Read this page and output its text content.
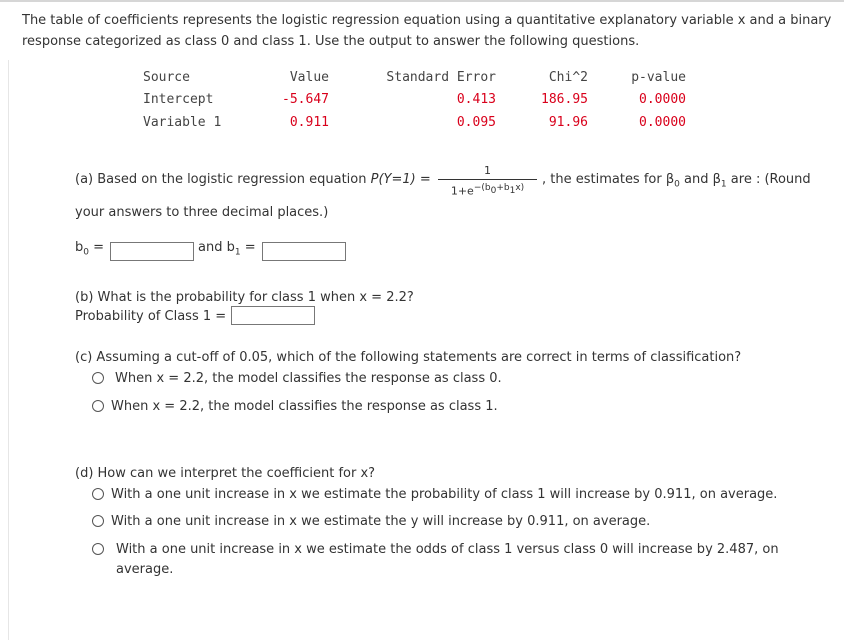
The table of coefficients represents the logistic regression equation using a quantitative explanatory variable x and a binary response categorized as class 0 and class 1. Use the output to answer the following questions.
Source	Value	Standard Error	Chi^2	p-value
Intercept	-5.647	0.413	186.95	0.0000
Variable 1	0.911	0.095	91.96	0.0000
(a) Based on the logistic regression equation P(Y=1) =
1
$1+e^{-(b_0+b_1x)}$
, the estimates for $\beta_0$ and $\beta_1$ are : (Round
your answers to three decimal places.)
$b_0$ =	and $b_1$ =
(b) What is the probability for class 1 when x = 2.2?
Probability of Class 1 =
(c) Assuming a cut-off of 0.05, which of the following statements are correct in terms of classification?
When x = 2.2, the model classifies the response as class 0.
When x = 2.2, the model classifies the response as class 1.
(d) How can we interpret the coefficient for x?
With a one unit increase in x we estimate the probability of class 1 will increase by 0.911, on average.
With a one unit increase in x we estimate the y will increase by 0.911, on average.
With a one unit increase in x we estimate the odds of class 1 versus class 0 will increase by 2.487, on
average.
